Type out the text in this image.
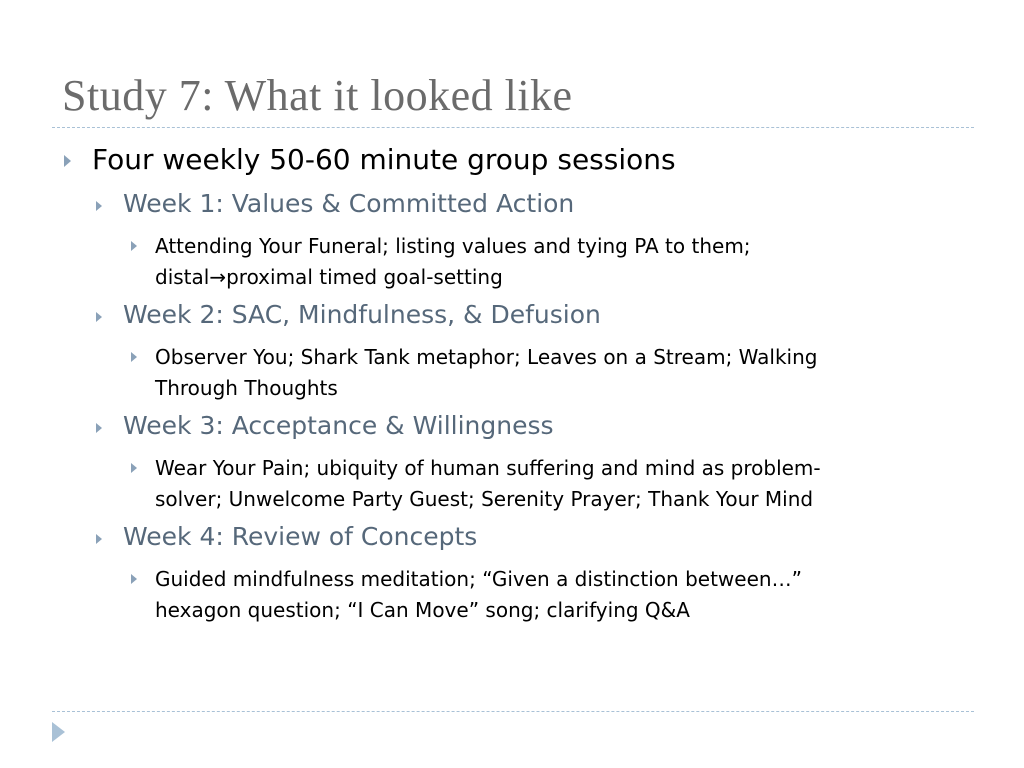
Study 7: What it looked like
Four weekly 50-60 minute group sessions
Week 1: Values & Committed Action
Attending Your Funeral; listing values and tying PA to them;
distal→proximal timed goal-setting
Week 2: SAC, Mindfulness, & Defusion
Observer You; Shark Tank metaphor; Leaves on a Stream; Walking
Through Thoughts
Week 3: Acceptance & Willingness
Wear Your Pain; ubiquity of human suffering and mind as problem-
solver; Unwelcome Party Guest; Serenity Prayer; Thank Your Mind
Week 4: Review of Concepts
Guided mindfulness meditation; “Given a distinction between…”
hexagon question; “I Can Move” song; clarifying Q&A
